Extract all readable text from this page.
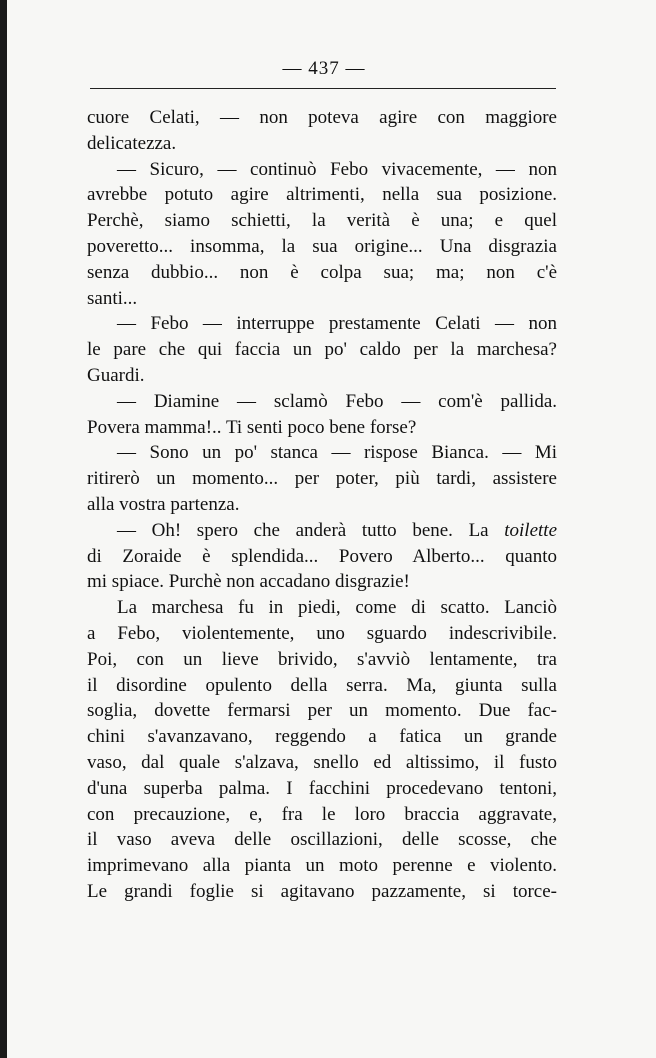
— 437 —
cuore Celati, — non poteva agire con maggiore
delicatezza.
— Sicuro, — continuò Febo vivacemente, — non
avrebbe potuto agire altrimenti, nella sua posizione.
Perchè, siamo schietti, la verità è una; e quel
poveretto... insomma, la sua origine... Una disgrazia
senza dubbio... non è colpa sua; ma; non c'è
santi...
— Febo — interruppe prestamente Celati — non
le pare che qui faccia un po' caldo per la marchesa?
Guardi.
— Diamine — sclamò Febo — com'è pallida.
Povera mamma!.. Ti senti poco bene forse?
— Sono un po' stanca — rispose Bianca. — Mi
ritirerò un momento... per poter, più tardi, assistere
alla vostra partenza.
— Oh! spero che anderà tutto bene. La toilette
di Zoraide è splendida... Povero Alberto... quanto
mi spiace. Purchè non accadano disgrazie!
La marchesa fu in piedi, come di scatto. Lanciò
a Febo, violentemente, uno sguardo indescrivibile.
Poi, con un lieve brivido, s'avviò lentamente, tra
il disordine opulento della serra. Ma, giunta sulla
soglia, dovette fermarsi per un momento. Due fac-
chini s'avanzavano, reggendo a fatica un grande
vaso, dal quale s'alzava, snello ed altissimo, il fusto
d'una superba palma. I facchini procedevano tentoni,
con precauzione, e, fra le loro braccia aggravate,
il vaso aveva delle oscillazioni, delle scosse, che
imprimevano alla pianta un moto perenne e violento.
Le grandi foglie si agitavano pazzamente, si torce-
